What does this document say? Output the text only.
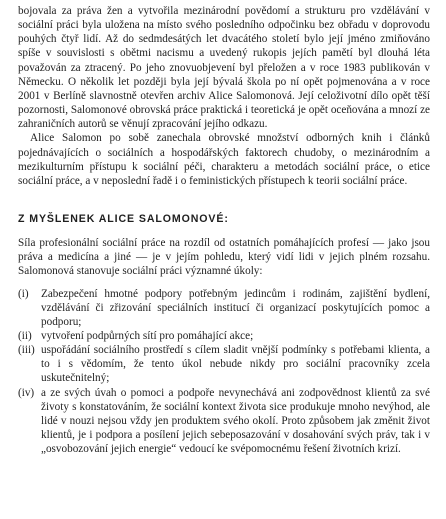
bojovala za práva žen a vytvořila mezinárodní povědomí a strukturu pro vzdělávání v sociální práci byla uložena na místo svého posledního odpočinku bez obřadu v doprovodu pouhých čtyř lidí. Až do sedmdesátých let dvacátého století bylo její jméno zmiňováno spíše v souvislosti s obětmi nacismu a uvedený rukopis jejích pamětí byl dlouhá léta považován za ztracený. Po jeho znovuobjevení byl přeložen a v roce 1983 publikován v Německu. O několik let později byla její bývalá škola po ní opět pojmenována a v roce 2001 v Berlíně slavnostně otevřen archiv Alice Salomonová. Její celoživotní dílo opět těší pozornosti, Salomonové obrovská práce praktická i teoretická je opět oceňována a mnozí ze zahraničních autorů se věnují zpracování jejího odkazu.

Alice Salomon po sobě zanechala obrovské množství odborných knih i článků pojednávajících o sociálních a hospodářských faktorech chudoby, o mezinárodním a mezikulturním přístupu k sociální péči, charakteru a metodách sociální práce, o etice sociální práce, a v neposlední řadě i o feministických přístupech k teorii sociální práce.

Z MYŠLENEK ALICE SALOMONOVÉ:

Síla profesionální sociální práce na rozdíl od ostatních pomáhajících profesí — jako jsou práva a medicína a jiné — je v jejím pohledu, který vidí lidi v jejich plném rozsahu. Salomonová stanovuje sociální práci významné úkoly:

(i) Zabezpečení hmotné podpory potřebným jedincům i rodinám, zajištění bydlení, vzdělávání či zřizování speciálních institucí či organizací poskytujících pomoc a podporu;
(ii) vytvoření podpůrných sítí pro pomáhající akce;
(iii) uspořádání sociálního prostředí s cílem sladit vnější podmínky s potřebami klienta, a to i s vědomím, že tento úkol nebude nikdy pro sociální pracovníky zcela uskutečnitelný;
(iv) a ze svých úvah o pomoci a podpoře nevynechává ani zodpovědnost klientů za své životy s konstatováním, že sociální kontext života sice produkuje mnoho nevýhod, ale lidé v nouzi nejsou vždy jen produktem svého okolí. Proto způsobem jak změnit život klientů, je i podpora a posílení jejich sebeposazování v dosahování svých práv, tak i v „osvobozování jejich energie“ vedoucí ke svépomocnému řešení životních krizí.
